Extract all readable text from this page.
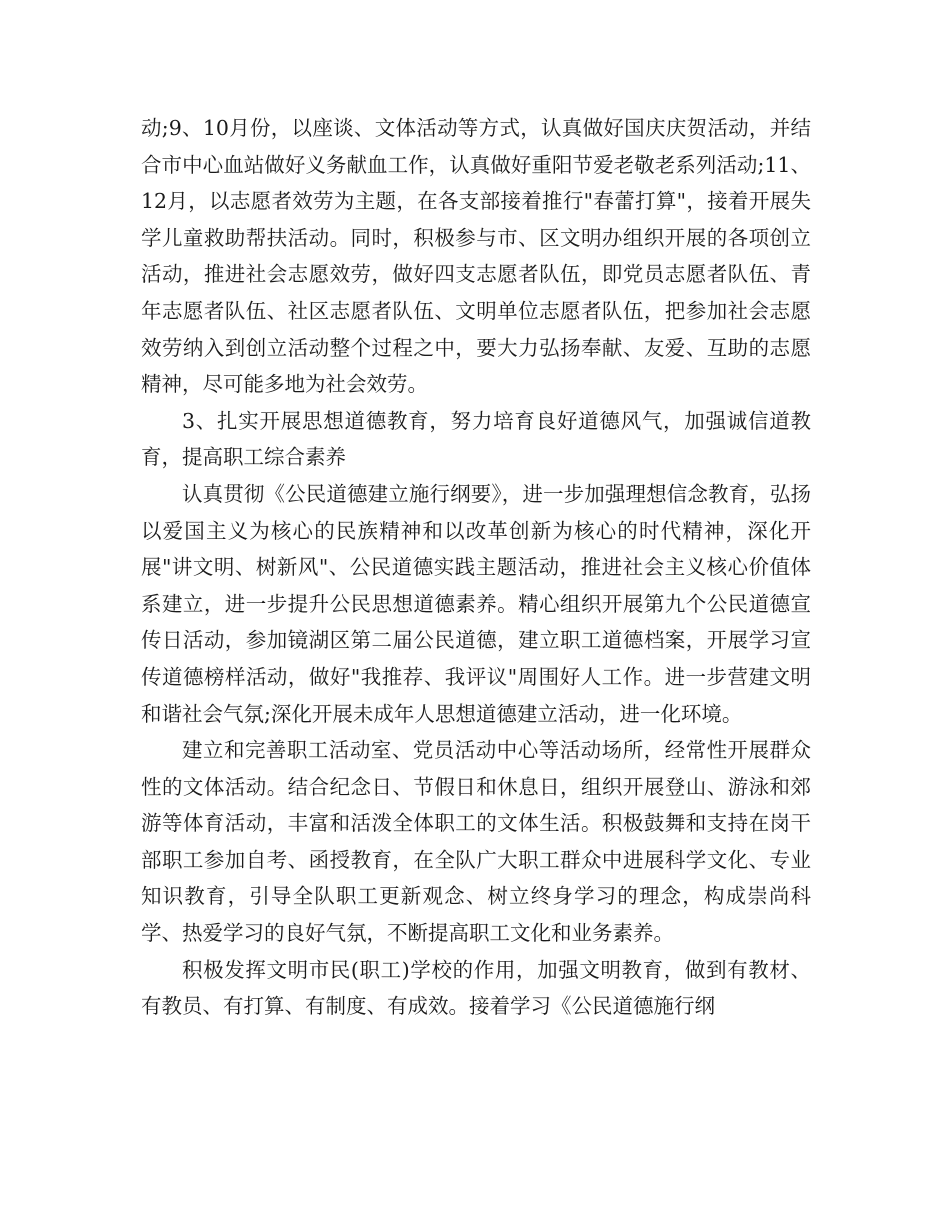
动;9、10月份，以座谈、文体活动等方式，认真做好国庆庆贺活动，并结合市中心血站做好义务献血工作，认真做好重阳节爱老敬老系列活动;11、12月，以志愿者效劳为主题，在各支部接着推行"春蕾打算"，接着开展失学儿童救助帮扶活动。同时，积极参与市、区文明办组织开展的各项创立活动，推进社会志愿效劳，做好四支志愿者队伍，即党员志愿者队伍、青年志愿者队伍、社区志愿者队伍、文明单位志愿者队伍，把参加社会志愿效劳纳入到创立活动整个过程之中，要大力弘扬奉献、友爱、互助的志愿精神，尽可能多地为社会效劳。

3、扎实开展思想道德教育，努力培育良好道德风气，加强诚信道教育，提高职工综合素养

认真贯彻《公民道德建立施行纲要》，进一步加强理想信念教育，弘扬以爱国主义为核心的民族精神和以改革创新为核心的时代精神，深化开展"讲文明、树新风"、公民道德实践主题活动，推进社会主义核心价值体系建立，进一步提升公民思想道德素养。精心组织开展第九个公民道德宣传日活动，参加镜湖区第二届公民道德，建立职工道德档案，开展学习宣传道德榜样活动，做好"我推荐、我评议"周围好人工作。进一步营建文明和谐社会气氛;深化开展未成年人思想道德建立活动，进一化环境。

建立和完善职工活动室、党员活动中心等活动场所，经常性开展群众性的文体活动。结合纪念日、节假日和休息日，组织开展登山、游泳和郊游等体育活动，丰富和活泼全体职工的文体生活。积极鼓舞和支持在岗干部职工参加自考、函授教育，在全队广大职工群众中进展科学文化、专业知识教育，引导全队职工更新观念、树立终身学习的理念，构成崇尚科学、热爱学习的良好气氛，不断提高职工文化和业务素养。

积极发挥文明市民(职工)学校的作用，加强文明教育，做到有教材、有教员、有打算、有制度、有成效。接着学习《公民道德施行纲
